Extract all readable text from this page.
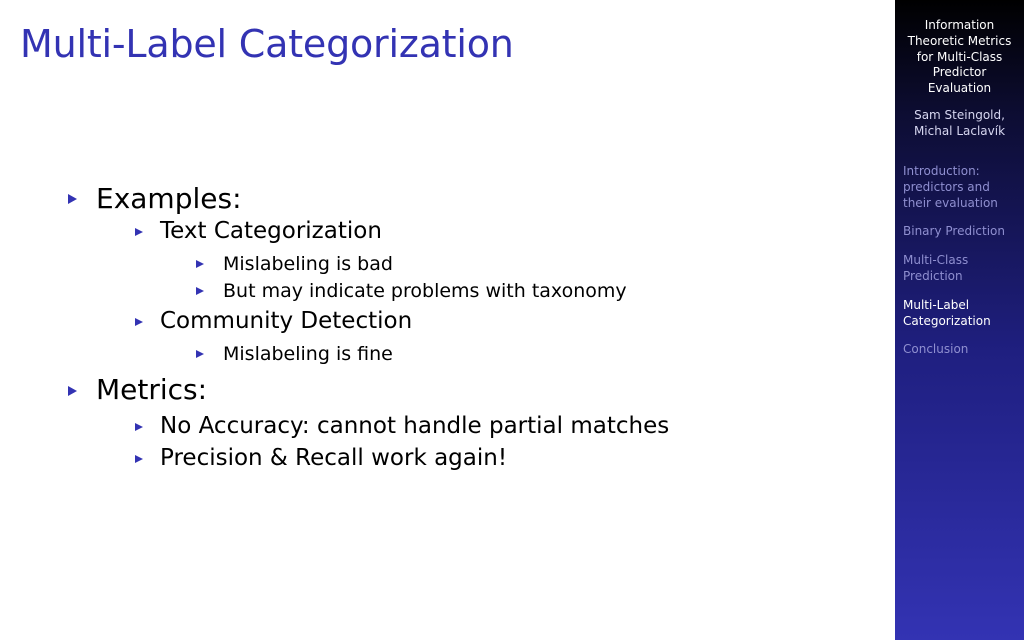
Multi-Label Categorization
Examples:
Text Categorization
Mislabeling is bad
But may indicate problems with taxonomy
Community Detection
Mislabeling is fine
Metrics:
No Accuracy: cannot handle partial matches
Precision & Recall work again!
Information
Theoretic Metrics
for Multi-Class
Predictor
Evaluation
Sam Steingold,
Michal Laclavík
Introduction:
predictors and
their evaluation
Binary Prediction
Multi-Class
Prediction
Multi-Label
Categorization
Conclusion
